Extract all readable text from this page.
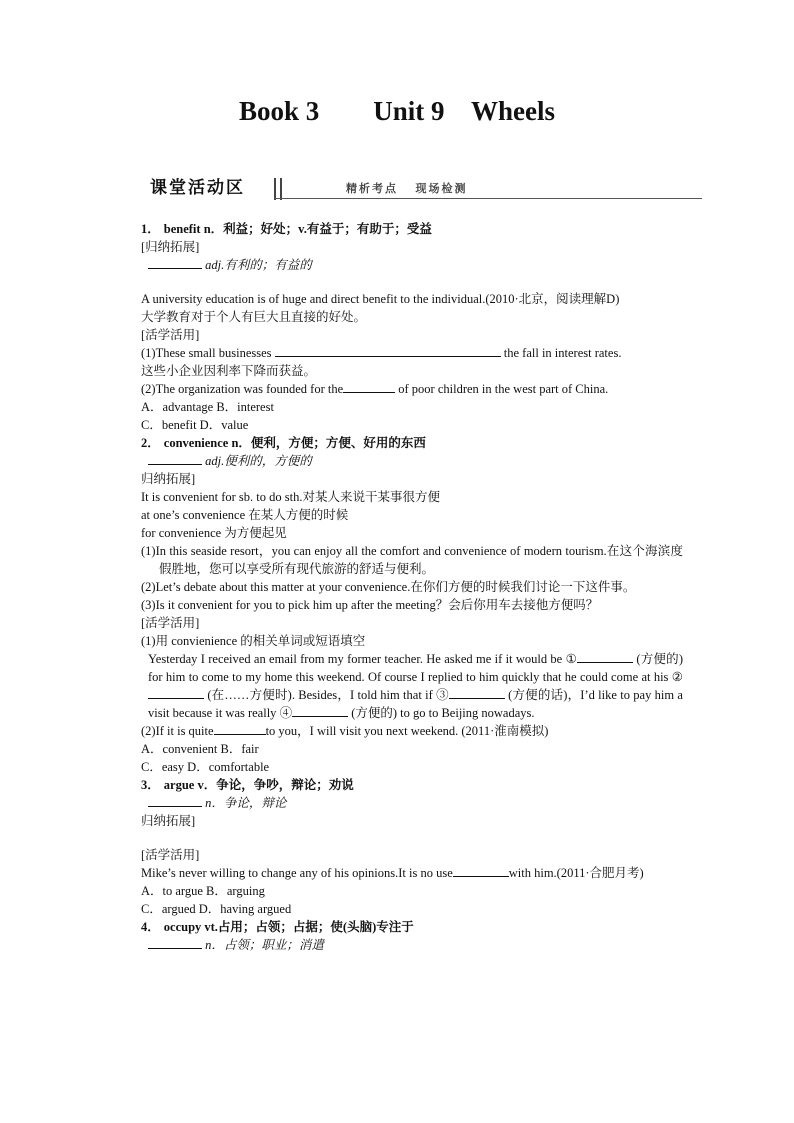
Book 3        Unit 9    Wheels
课堂活动区	精析考点   现场检测

1． benefit n．利益；好处；v.有益于；有助于；受益

[归纳拓展]

adj.有利的；有益的

A university education is of huge and direct benefit to the individual.(2010·北京，阅读理解D)

大学教育对于个人有巨大且直接的好处。

[活学活用]

(1)These small businesses	the fall in interest rates.

这些小企业因利率下降而获益。

(2)The organization was founded for the	of poor children in the west part of China.

A．advantage B．interest

C．benefit D．value

2． convenience n．便利，方便；方便、好用的东西

adj.便利的，方便的

归纳拓展]

It is convenient for sb. to do sth.对某人来说干某事很方便

at one’s convenience 在某人方便的时候

for convenience 为方便起见

(1)In this seaside resort，you can enjoy all the comfort and convenience of modern tourism.在这个海滨度假胜地，您可以享受所有现代旅游的舒适与便利。

(2)Let’s debate about this matter at your convenience.在你们方便的时候我们讨论一下这件事。

(3)Is it convenient for you to pick him up after the meeting？会后你用车去接他方便吗？

[活学活用]

(1)用 convienience 的相关单词或短语填空

Yesterday I received an email from my former teacher. He asked me if it would be ①	(方便的) for him to come to my home this weekend. Of course I replied to him quickly that he could come at his ② (在……方便时). Besides，I told him that if ③	(方便的话)，I’d like to pay him a visit because it was really ④	(方便的) to go to Beijing nowadays.

(2)If it is quite	to you，I will visit you next weekend. (2011·淮南模拟)

A．convenient B．fair

C．easy D．comfortable

3． argue v．争论，争吵，辩论；劝说

n．争论，辩论

归纳拓展]

[活学活用]

Mike’s never willing to change any of his opinions.It is no use	with him.(2011·合肥月考)

A．to argue B．arguing

C．argued D．having argued

4． occupy vt.占用；占领；占据；使(头脑)专注于

n．占领；职业；消遣
